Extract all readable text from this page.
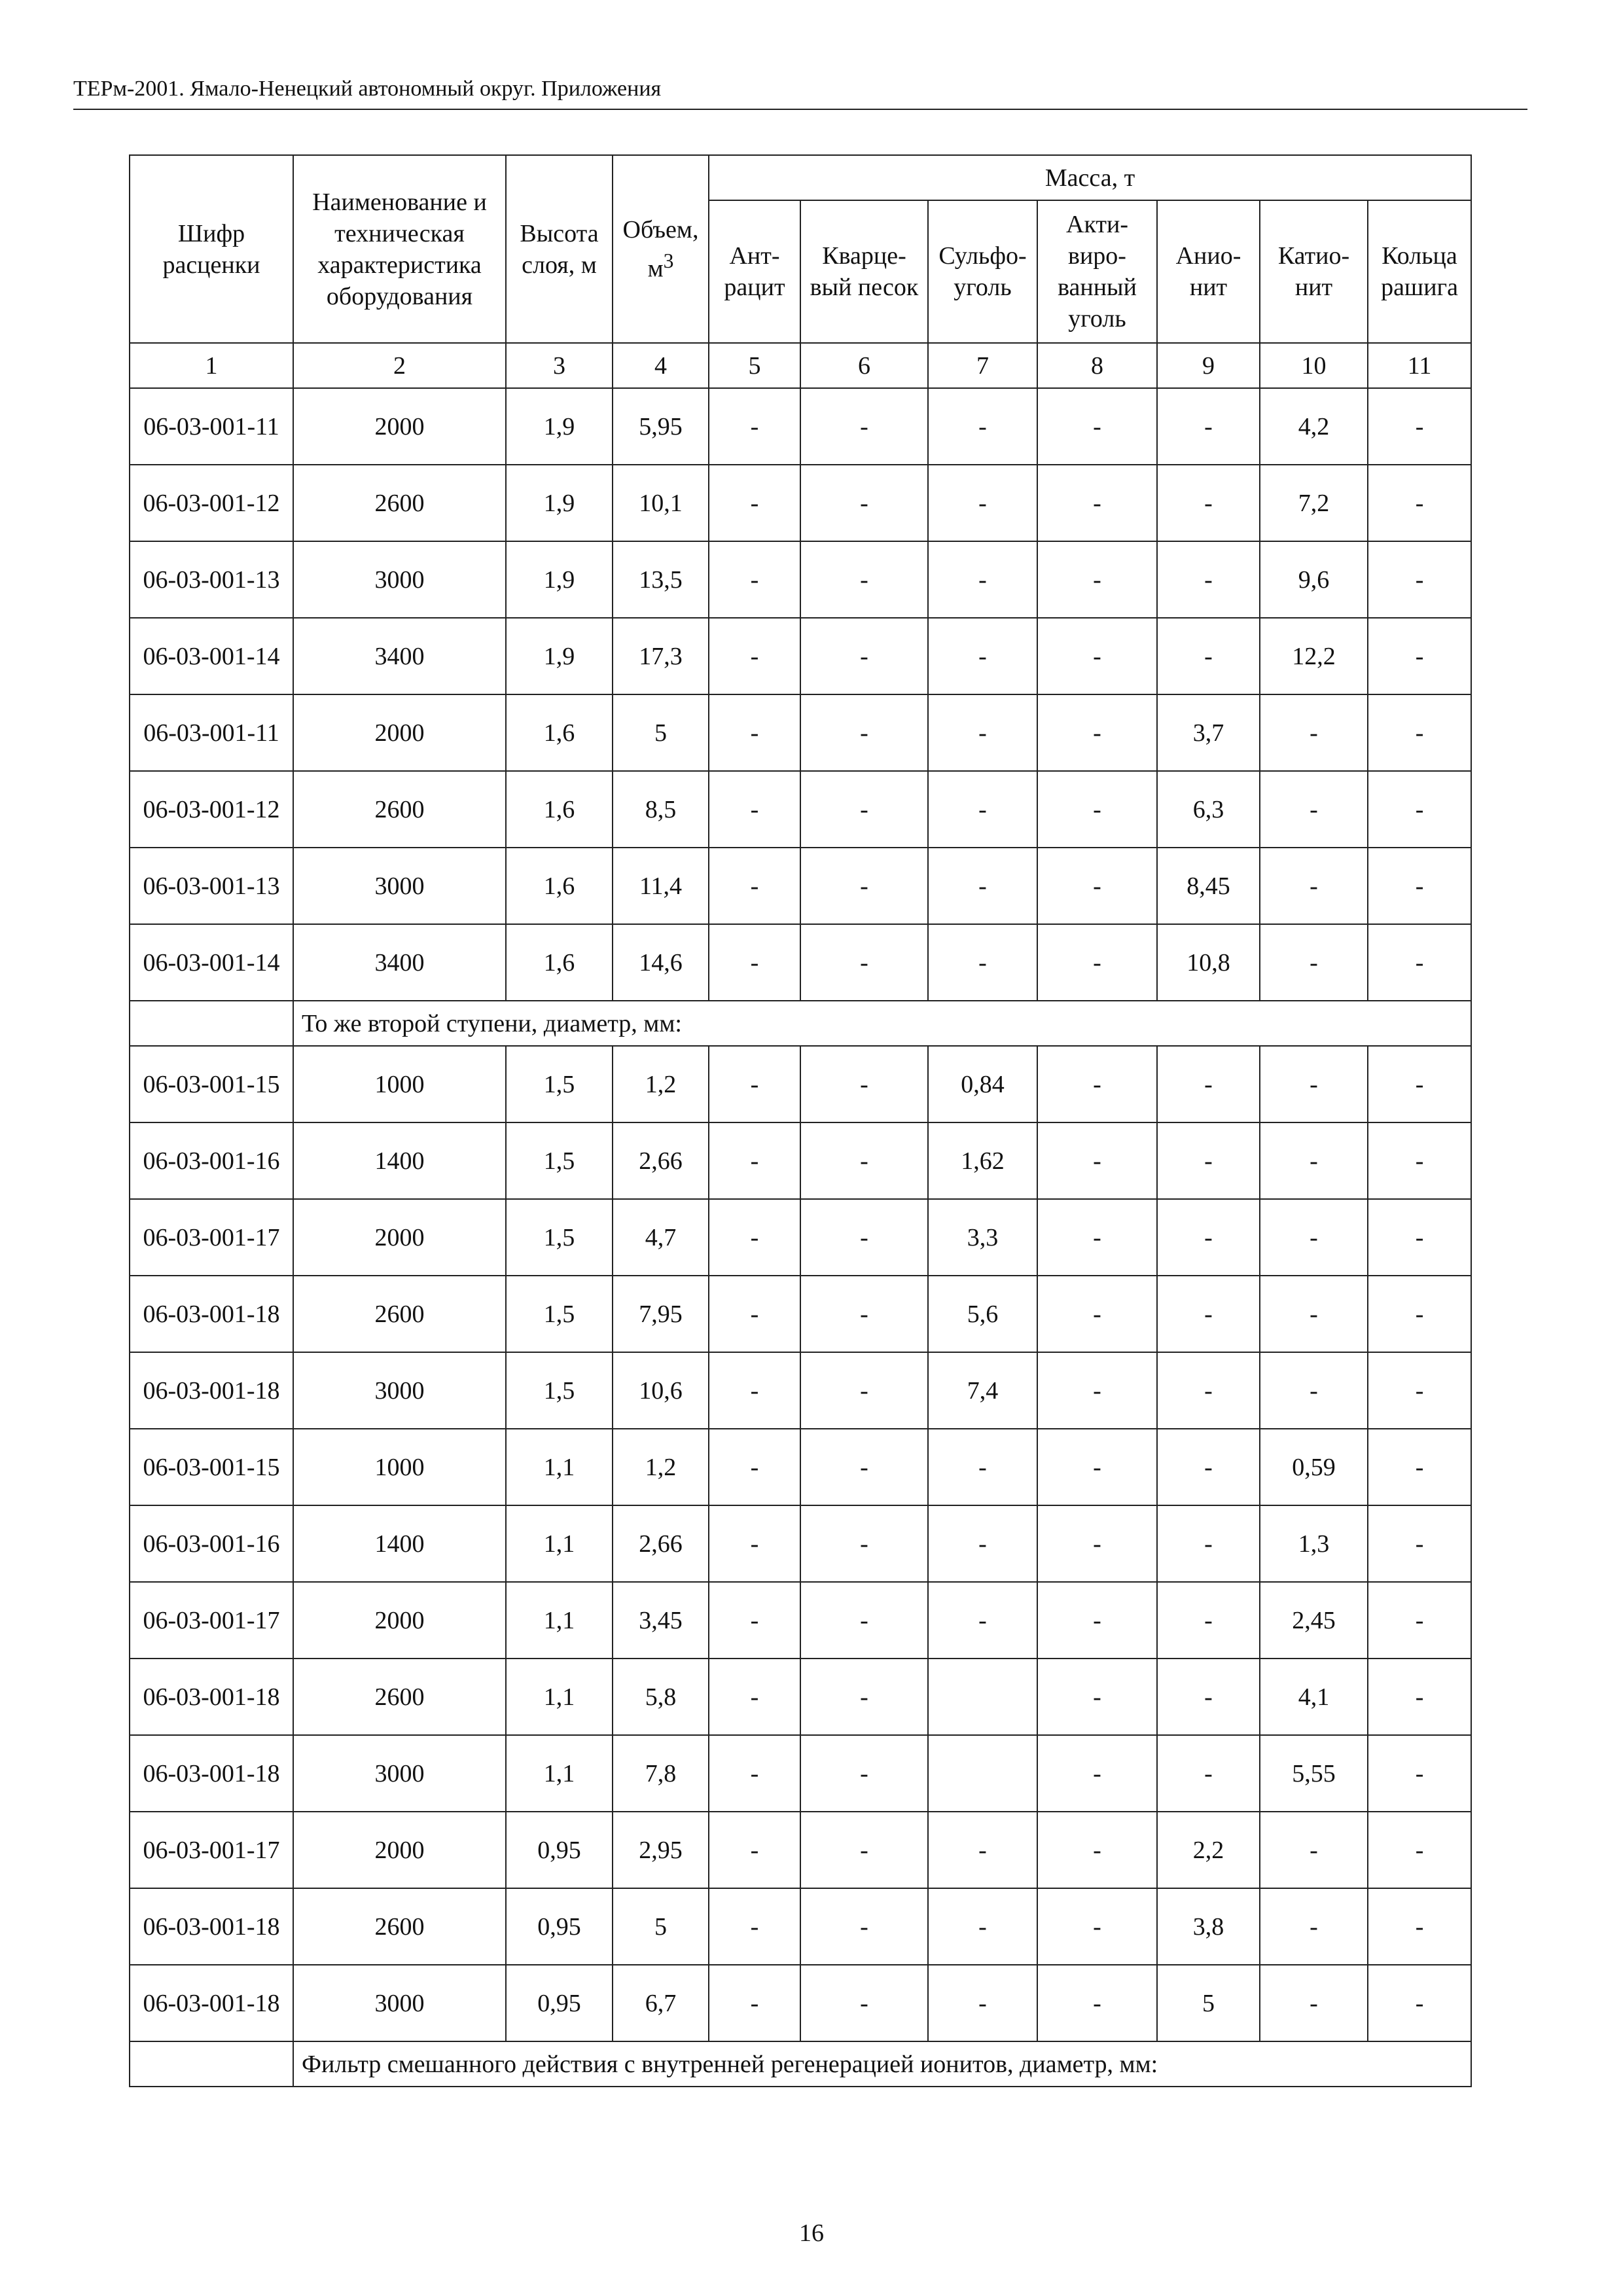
ТЕРм-2001. Ямало-Ненецкий автономный округ. Приложения
Шифр расценки	Наименование и техническая характеристика оборудования	Высота слоя, м	Объем, $м^3$	Масса, т						
				Ант-рацит	Кварце-вый песок	Сульфо-уголь	Акти-виро-ванный уголь	Анио-нит	Катио-нит	Кольца рашига
1	2	3	4	5	6	7	8	9	10	11
06-03-001-11	2000	1,9	5,95	-	-	-	-	-	4,2	-
06-03-001-12	2600	1,9	10,1	-	-	-	-	-	7,2	-
06-03-001-13	3000	1,9	13,5	-	-	-	-	-	9,6	-
06-03-001-14	3400	1,9	17,3	-	-	-	-	-	12,2	-
06-03-001-11	2000	1,6	5	-	-	-	-	3,7	-	-
06-03-001-12	2600	1,6	8,5	-	-	-	-	6,3	-	-
06-03-001-13	3000	1,6	11,4	-	-	-	-	8,45	-	-
06-03-001-14	3400	1,6	14,6	-	-	-	-	10,8	-	-
	То же второй ступени, диаметр, мм:									
06-03-001-15	1000	1,5	1,2	-	-	0,84	-	-	-	-
06-03-001-16	1400	1,5	2,66	-	-	1,62	-	-	-	-
06-03-001-17	2000	1,5	4,7	-	-	3,3	-	-	-	-
06-03-001-18	2600	1,5	7,95	-	-	5,6	-	-	-	-
06-03-001-18	3000	1,5	10,6	-	-	7,4	-	-	-	-
06-03-001-15	1000	1,1	1,2	-	-	-	-	-	0,59	-
06-03-001-16	1400	1,1	2,66	-	-	-	-	-	1,3	-
06-03-001-17	2000	1,1	3,45	-	-	-	-	-	2,45	-
06-03-001-18	2600	1,1	5,8	-	-		-	-	4,1	-
06-03-001-18	3000	1,1	7,8	-	-		-	-	5,55	-
06-03-001-17	2000	0,95	2,95	-	-	-	-	2,2	-	-
06-03-001-18	2600	0,95	5	-	-	-	-	3,8	-	-
06-03-001-18	3000	0,95	6,7	-	-	-	-	5	-	-
	Фильтр смешанного действия с внутренней регенерацией ионитов, диаметр, мм:									
16
